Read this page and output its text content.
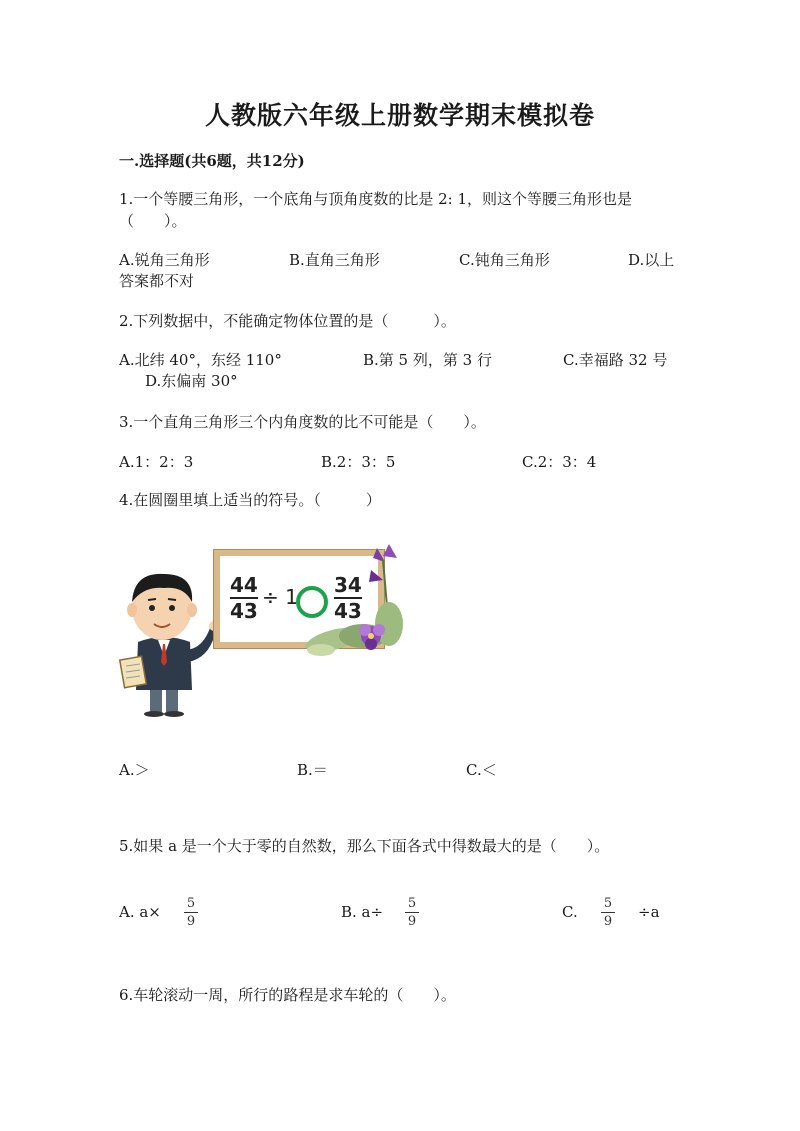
人教版六年级上册数学期末模拟卷
一.选择题(共6题，共12分)
1.一个等腰三角形，一个底角与顶角度数的比是 2: 1，则这个等腰三角形也是
（　　）。
A.锐角三角形	B.直角三角形	C.钝角三角形	D.以上
答案都不对
2.下列数据中，不能确定物体位置的是（　　　）。
A.北纬 40°，东经 110°	B.第 5 列，第 3 行	C.幸福路 32 号
D.东偏南 30°
3.一个直角三角形三个内角度数的比不可能是（　　）。
A.1：2：3	B.2：3：5	C.2：3：4
4.在圆圈里填上适当的符号。（　　　）
44
43
÷ 1 34
43
A.＞	B.＝	C.＜
5.如果 a 是一个大于零的自然数，那么下面各式中得数最大的是（　　）。
A. a× 5
9
B. a÷ 5
9
C. 5
9
÷a
6.车轮滚动一周，所行的路程是求车轮的（　　）。
